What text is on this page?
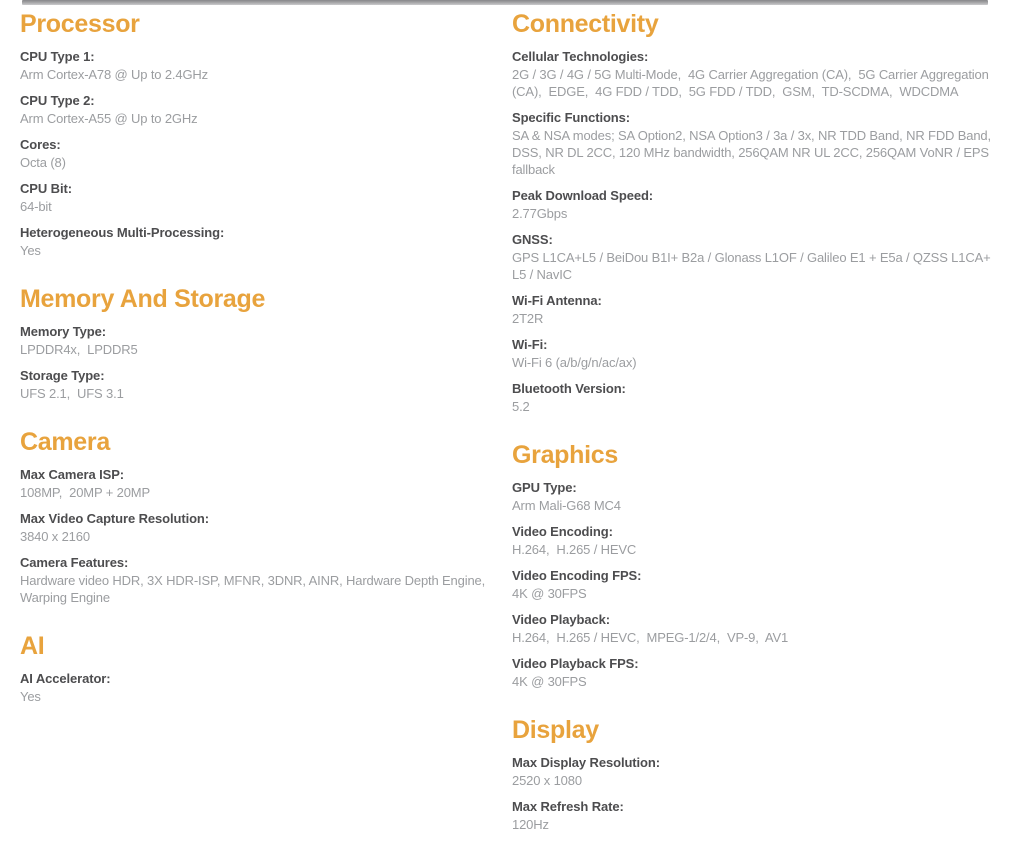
Processor
CPU Type 1:
Arm Cortex-A78 @ Up to 2.4GHz
CPU Type 2:
Arm Cortex-A55 @ Up to 2GHz
Cores:
Octa (8)
CPU Bit:
64-bit
Heterogeneous Multi-Processing:
Yes
Memory And Storage
Memory Type:
LPDDR4x,  LPDDR5
Storage Type:
UFS 2.1,  UFS 3.1
Camera
Max Camera ISP:
108MP,  20MP + 20MP
Max Video Capture Resolution:
3840 x 2160
Camera Features:
Hardware video HDR, 3X HDR-ISP, MFNR, 3DNR, AINR, Hardware Depth Engine, Warping Engine
AI
AI Accelerator:
Yes
Connectivity
Cellular Technologies:
2G / 3G / 4G / 5G Multi-Mode,  4G Carrier Aggregation (CA),  5G Carrier Aggregation (CA),  EDGE,  4G FDD / TDD,  5G FDD / TDD,  GSM,  TD-SCDMA,  WDCDMA
Specific Functions:
SA & NSA modes; SA Option2, NSA Option3 / 3a / 3x, NR TDD Band, NR FDD Band, DSS, NR DL 2CC, 120 MHz bandwidth, 256QAM NR UL 2CC, 256QAM VoNR / EPS fallback
Peak Download Speed:
2.77Gbps
GNSS:
GPS L1CA+L5 / BeiDou B1I+ B2a / Glonass L1OF / Galileo E1 + E5a / QZSS L1CA+ L5 / NavIC
Wi-Fi Antenna:
2T2R
Wi-Fi:
Wi-Fi 6 (a/b/g/n/ac/ax)
Bluetooth Version:
5.2
Graphics
GPU Type:
Arm Mali-G68 MC4
Video Encoding:
H.264,  H.265 / HEVC
Video Encoding FPS:
4K @ 30FPS
Video Playback:
H.264,  H.265 / HEVC,  MPEG-1/2/4,  VP-9,  AV1
Video Playback FPS:
4K @ 30FPS
Display
Max Display Resolution:
2520 x 1080
Max Refresh Rate:
120Hz
